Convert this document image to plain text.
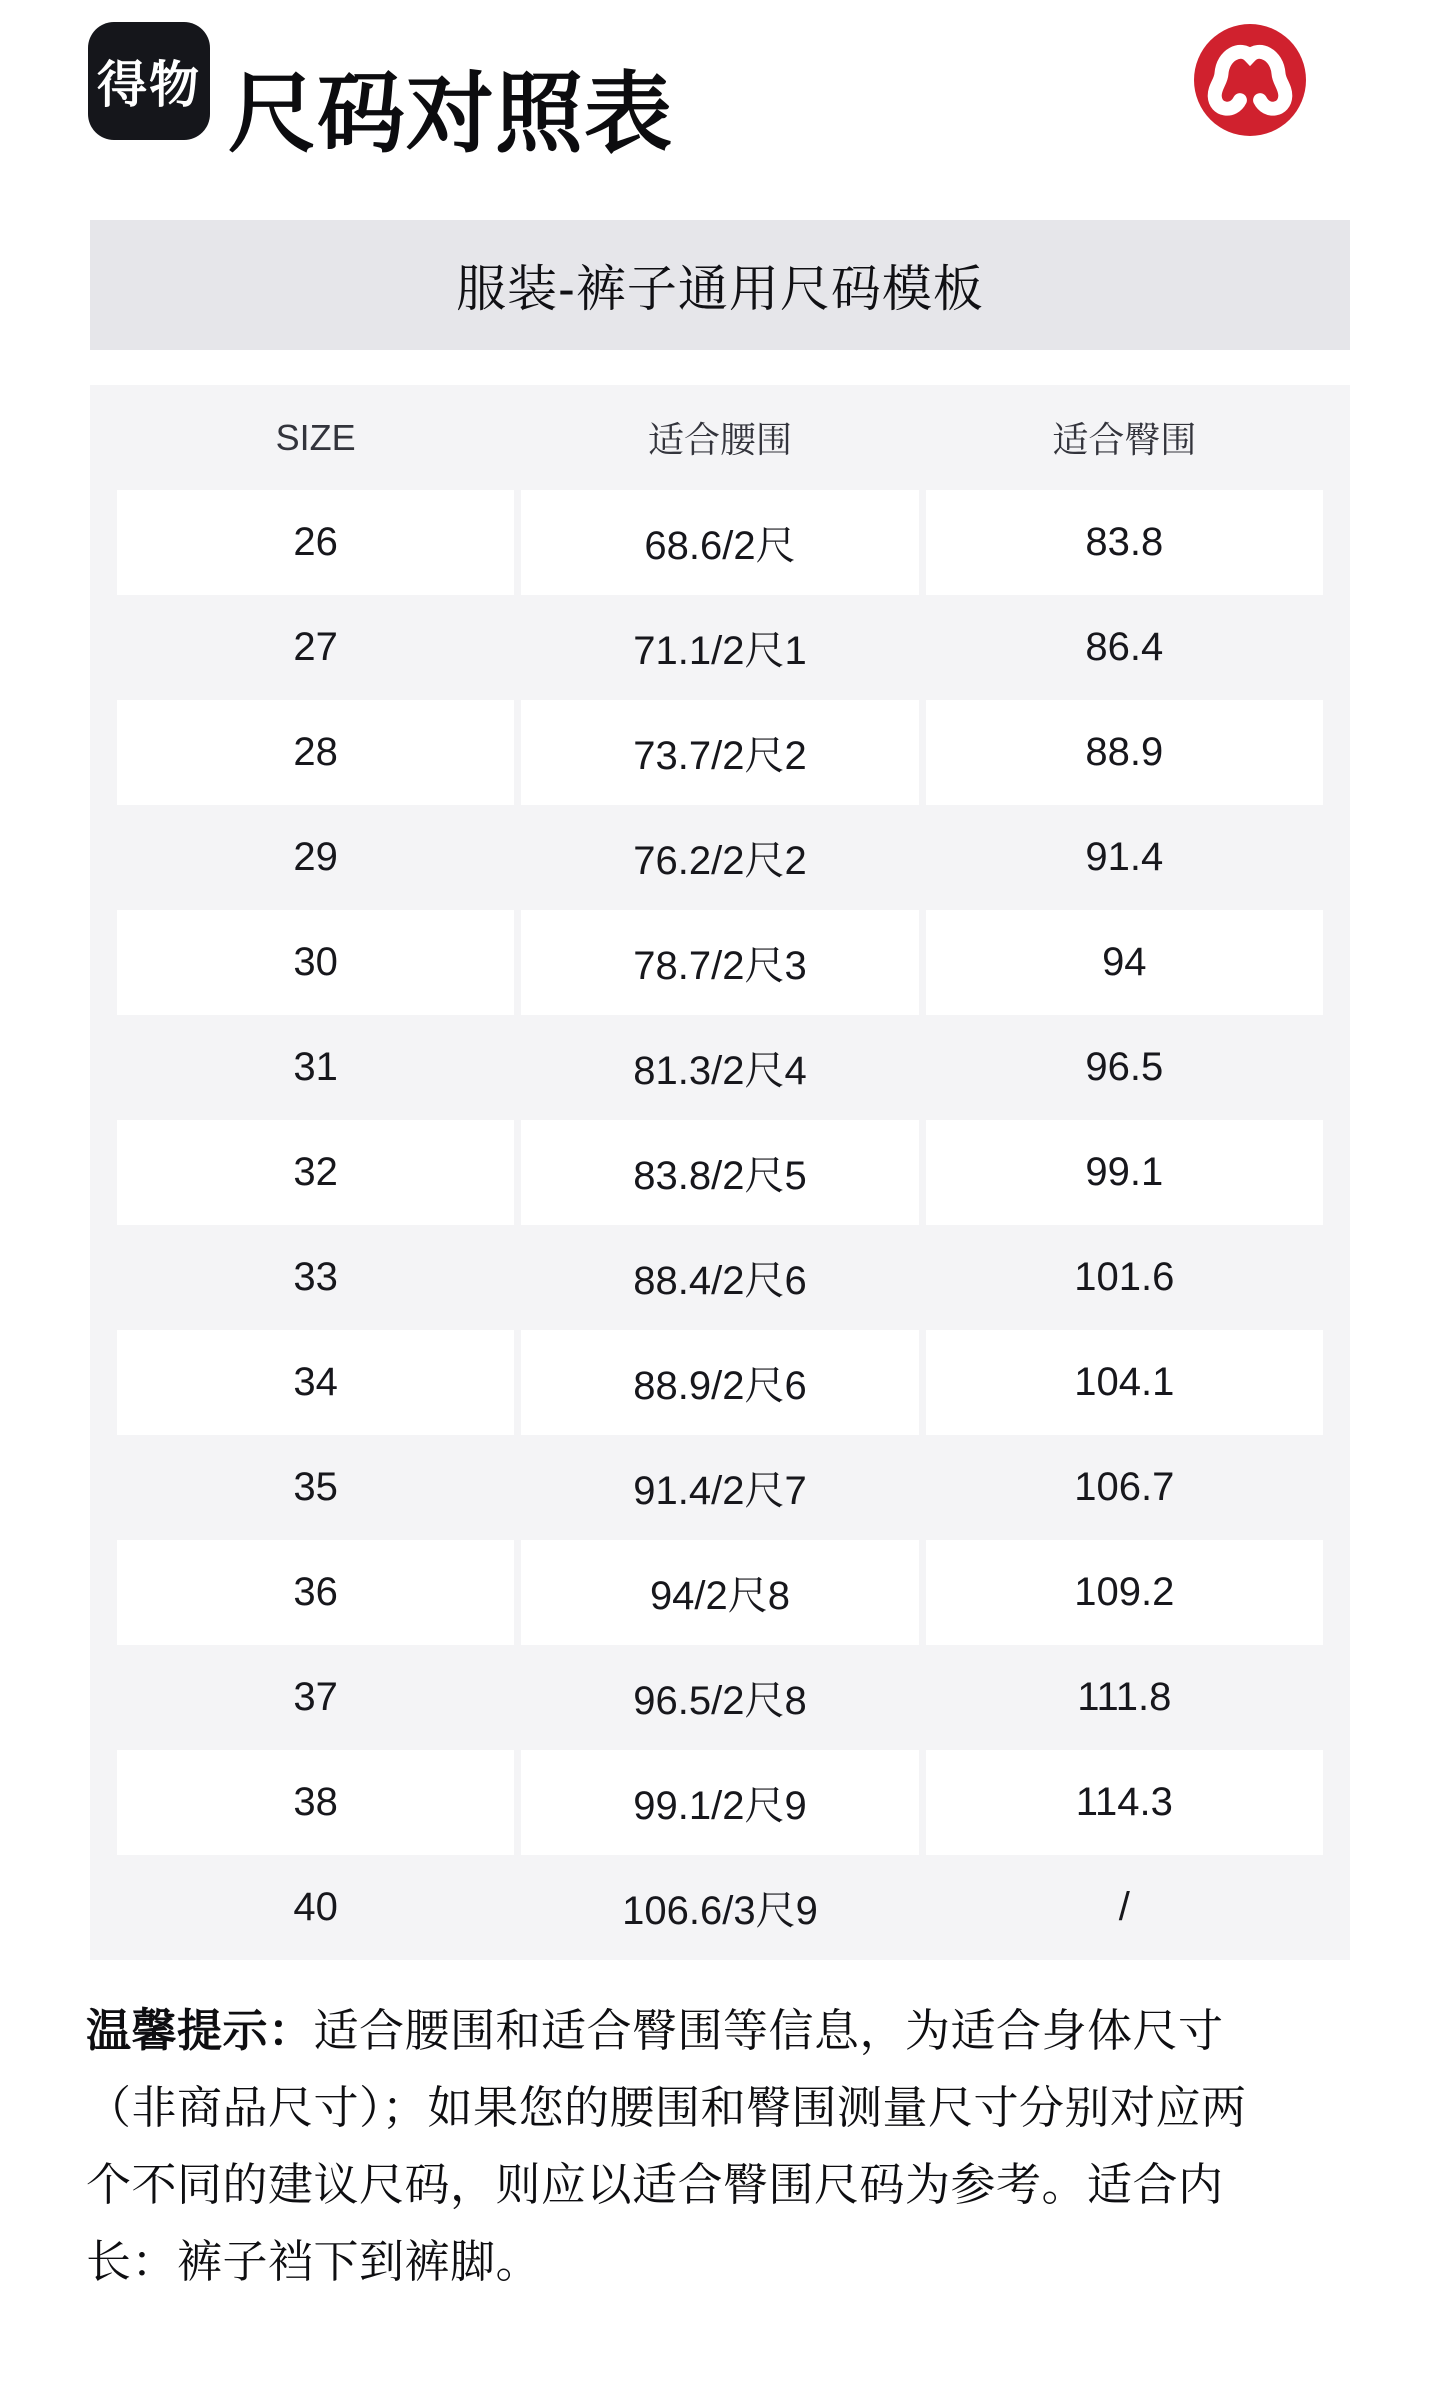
得物 尺码对照表
服装-裤子通用尺码模板
SIZE	适合腰围	适合臀围
26	68.6/2尺	83.8
27	71.1/2尺1	86.4
28	73.7/2尺2	88.9
29	76.2/2尺2	91.4
30	78.7/2尺3	94
31	81.3/2尺4	96.5
32	83.8/2尺5	99.1
33	88.4/2尺6	101.6
34	88.9/2尺6	104.1
35	91.4/2尺7	106.7
36	94/2尺8	109.2
37	96.5/2尺8	111.8
38	99.1/2尺9	114.3
40	106.6/3尺9	/
温馨提示：适合腰围和适合臀围等信息，为适合身体尺寸
（非商品尺寸）；如果您的腰围和臀围测量尺寸分别对应两
个不同的建议尺码，则应以适合臀围尺码为参考。适合内
长：裤子裆下到裤脚。
